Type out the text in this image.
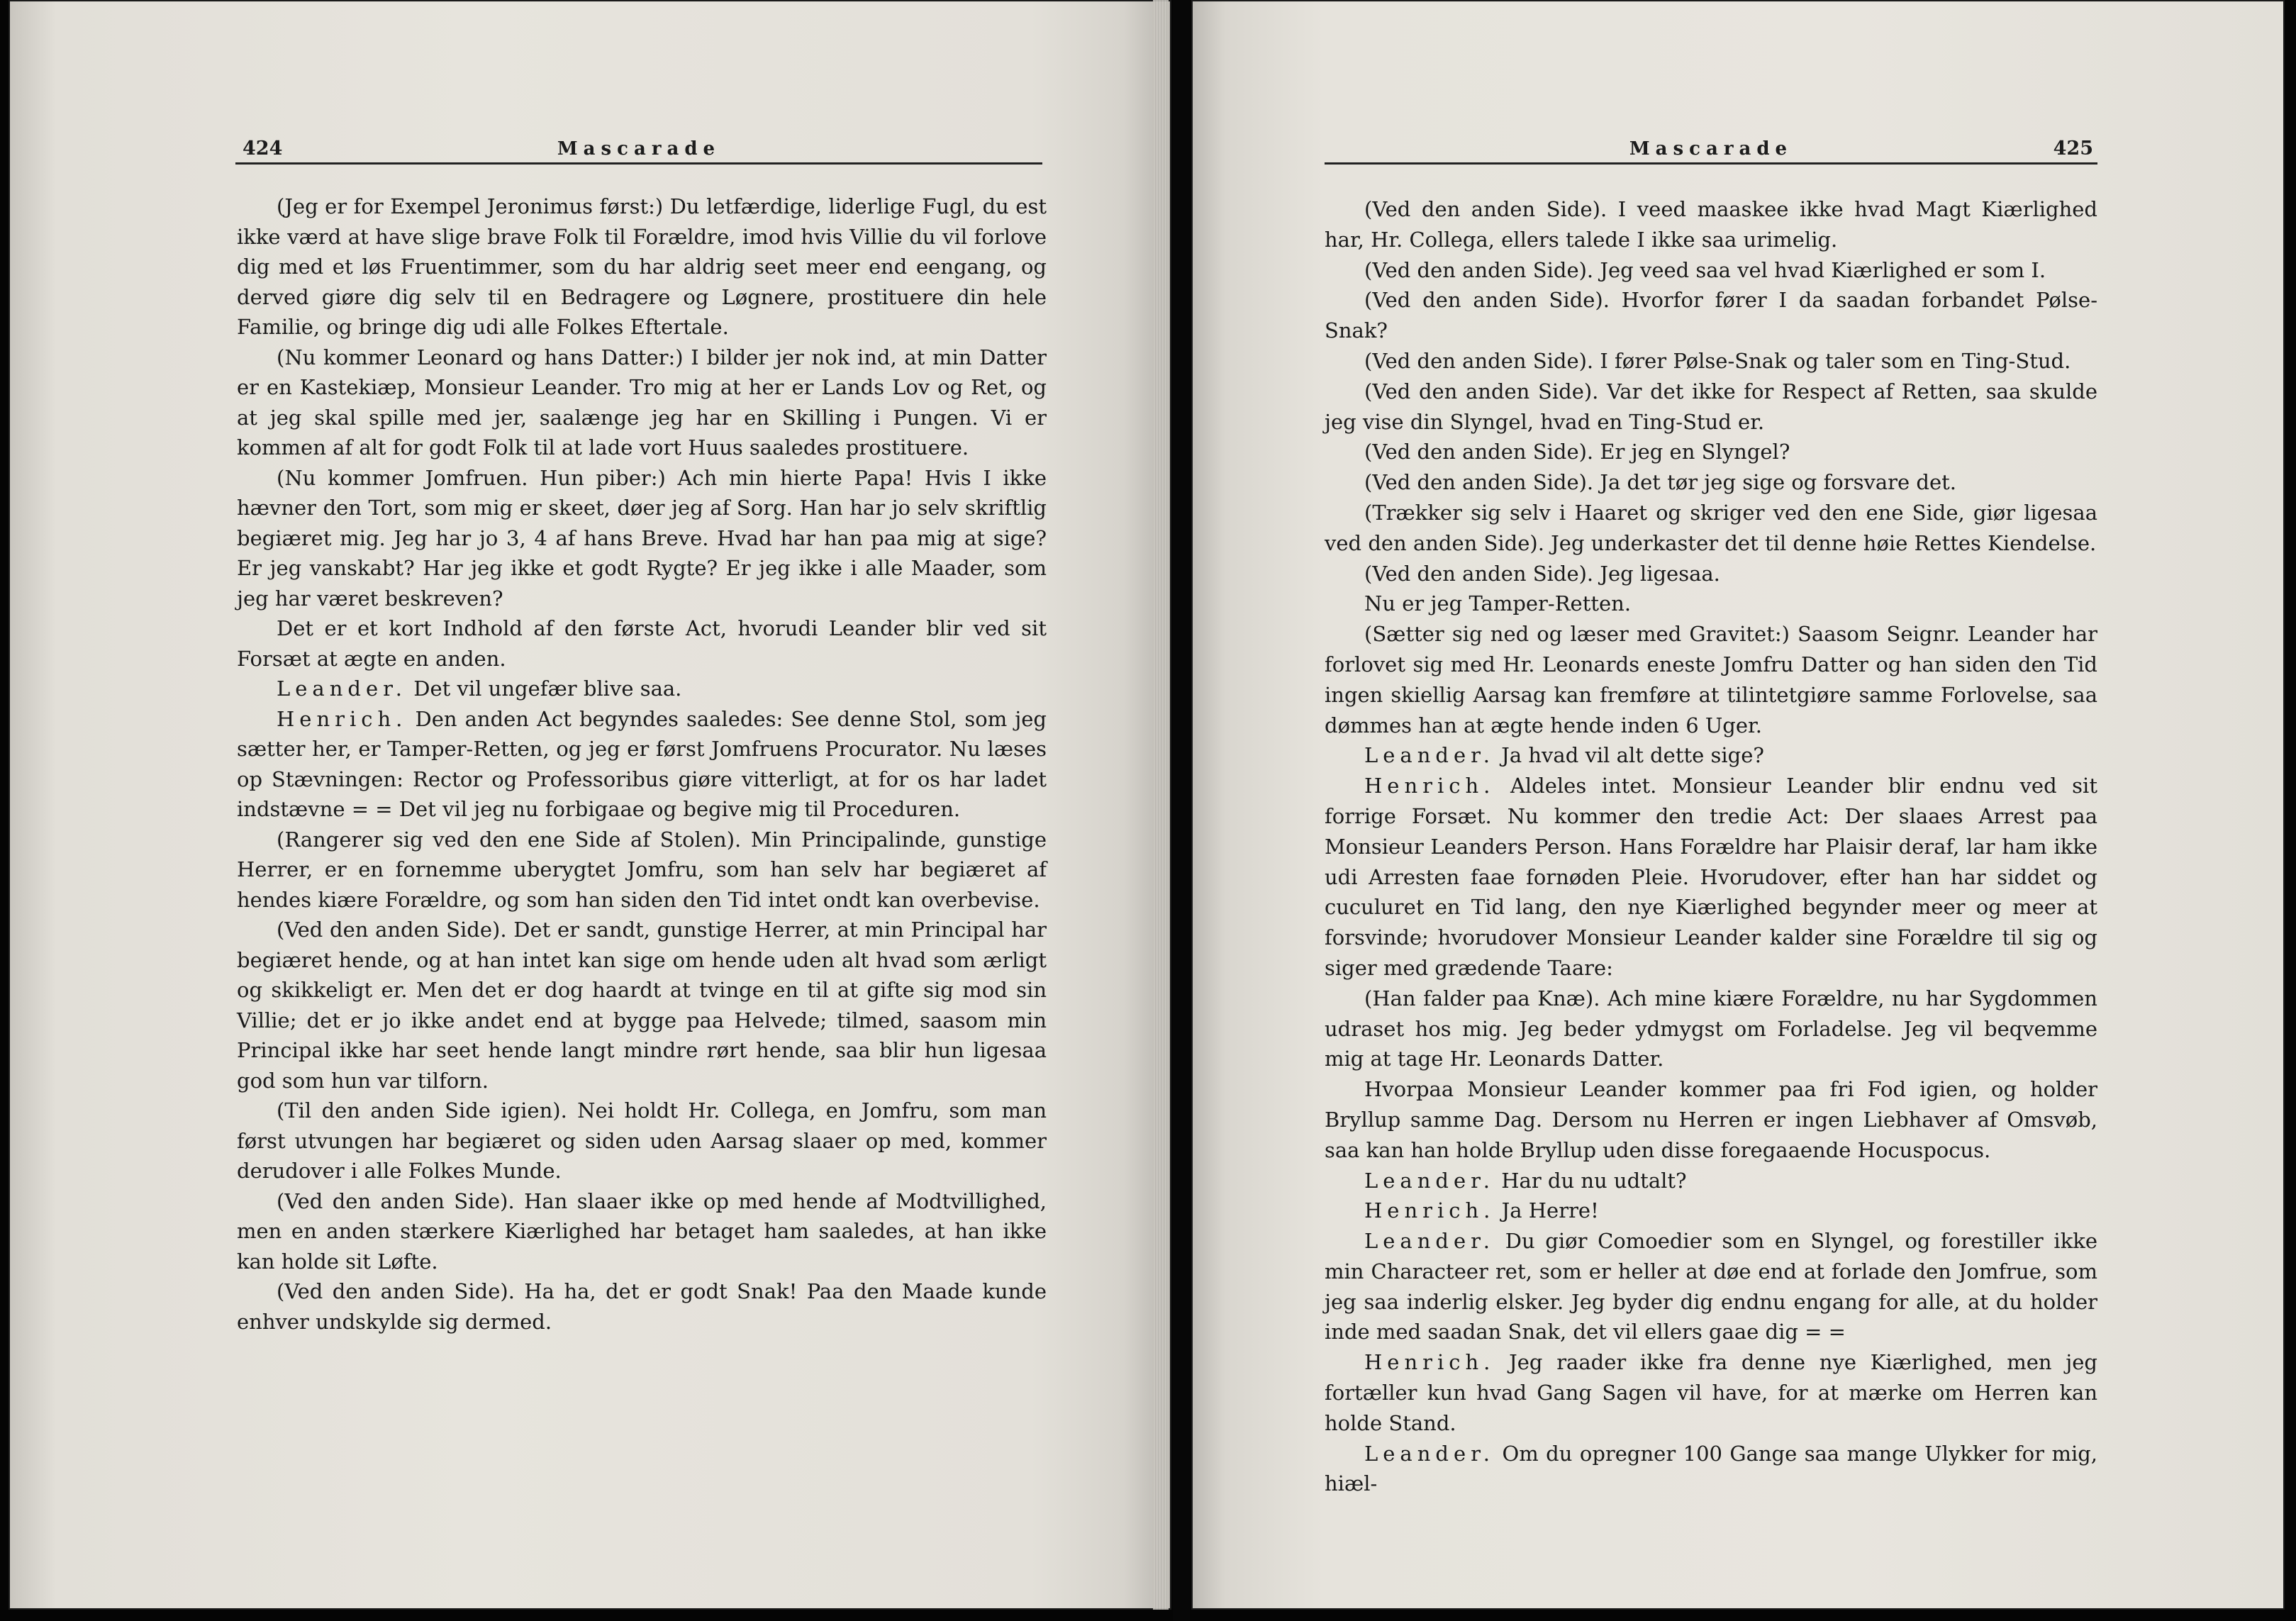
424	Mascarade

(Jeg er for Exempel Jeronimus først:) Du letfærdige, liderlige Fugl, du est ikke værd at have slige brave Folk til Forældre, imod hvis Villie du vil forlove dig med et løs Fruentimmer, som du har aldrig seet meer end eengang, og derved giøre dig selv til en Bedragere og Løgnere, prostituere din hele Familie, og bringe dig udi alle Folkes Eftertale.

(Nu kommer Leonard og hans Datter:) I bilder jer nok ind, at min Datter er en Kastekiæp, Monsieur Leander. Tro mig at her er Lands Lov og Ret, og at jeg skal spille med jer, saalænge jeg har en Skilling i Pungen. Vi er kommen af alt for godt Folk til at lade vort Huus saaledes prostituere.

(Nu kommer Jomfruen. Hun piber:) Ach min hierte Papa! Hvis I ikke hævner den Tort, som mig er skeet, døer jeg af Sorg. Han har jo selv skriftlig begiæret mig. Jeg har jo 3, 4 af hans Breve. Hvad har han paa mig at sige? Er jeg vanskabt? Har jeg ikke et godt Rygte? Er jeg ikke i alle Maader, som jeg har været beskreven?

Det er et kort Indhold af den første Act, hvorudi Leander blir ved sit Forsæt at ægte en anden.

Leander. Det vil ungefær blive saa.

Henrich. Den anden Act begyndes saaledes: See denne Stol, som jeg sætter her, er Tamper-Retten, og jeg er først Jomfruens Procurator. Nu læses op Stævningen: Rector og Professoribus giøre vitterligt, at for os har ladet indstævne = = Det vil jeg nu forbigaae og begive mig til Proceduren.

(Rangerer sig ved den ene Side af Stolen). Min Principalinde, gunstige Herrer, er en fornemme uberygtet Jomfru, som han selv har begiæret af hendes kiære Forældre, og som han siden den Tid intet ondt kan overbevise.

(Ved den anden Side). Det er sandt, gunstige Herrer, at min Principal har begiæret hende, og at han intet kan sige om hende uden alt hvad som ærligt og skikkeligt er. Men det er dog haardt at tvinge en til at gifte sig mod sin Villie; det er jo ikke andet end at bygge paa Helvede; tilmed, saasom min Principal ikke har seet hende langt mindre rørt hende, saa blir hun ligesaa god som hun var tilforn.

(Til den anden Side igien). Nei holdt Hr. Collega, en Jomfru, som man først utvungen har begiæret og siden uden Aarsag slaaer op med, kommer derudover i alle Folkes Munde.

(Ved den anden Side). Han slaaer ikke op med hende af Modtvillighed, men en anden stærkere Kiærlighed har betaget ham saaledes, at han ikke kan holde sit Løfte.

(Ved den anden Side). Ha ha, det er godt Snak! Paa den Maade kunde enhver undskylde sig dermed.

Mascarade	425

(Ved den anden Side). I veed maaskee ikke hvad Magt Kiærlighed har, Hr. Collega, ellers talede I ikke saa urimelig.

(Ved den anden Side). Jeg veed saa vel hvad Kiærlighed er som I.

(Ved den anden Side). Hvorfor fører I da saadan forbandet Pølse-Snak?

(Ved den anden Side). I fører Pølse-Snak og taler som en Ting-Stud.

(Ved den anden Side). Var det ikke for Respect af Retten, saa skulde jeg vise din Slyngel, hvad en Ting-Stud er.

(Ved den anden Side). Er jeg en Slyngel?

(Ved den anden Side). Ja det tør jeg sige og forsvare det.

(Trækker sig selv i Haaret og skriger ved den ene Side, giør ligesaa ved den anden Side). Jeg underkaster det til denne høie Rettes Kiendelse.

(Ved den anden Side). Jeg ligesaa.

Nu er jeg Tamper-Retten.

(Sætter sig ned og læser med Gravitet:) Saasom Seignr. Leander har forlovet sig med Hr. Leonards eneste Jomfru Datter og han siden den Tid ingen skiellig Aarsag kan fremføre at tilintetgiøre samme Forlovelse, saa dømmes han at ægte hende inden 6 Uger.

Leander. Ja hvad vil alt dette sige?

Henrich. Aldeles intet. Monsieur Leander blir endnu ved sit forrige Forsæt. Nu kommer den tredie Act: Der slaaes Arrest paa Monsieur Leanders Person. Hans Forældre har Plaisir deraf, lar ham ikke udi Arresten faae fornøden Pleie. Hvorudover, efter han har siddet og cuculuret en Tid lang, den nye Kiærlighed begynder meer og meer at forsvinde; hvorudover Monsieur Leander kalder sine Forældre til sig og siger med grædende Taare:

(Han falder paa Knæ). Ach mine kiære Forældre, nu har Sygdommen udraset hos mig. Jeg beder ydmygst om Forladelse. Jeg vil beqvemme mig at tage Hr. Leonards Datter.

Hvorpaa Monsieur Leander kommer paa fri Fod igien, og holder Bryllup samme Dag. Dersom nu Herren er ingen Liebhaver af Omsvøb, saa kan han holde Bryllup uden disse foregaaende Hocuspocus.

Leander. Har du nu udtalt?

Henrich. Ja Herre!

Leander. Du giør Comoedier som en Slyngel, og forestiller ikke min Characteer ret, som er heller at døe end at forlade den Jomfrue, som jeg saa inderlig elsker. Jeg byder dig endnu engang for alle, at du holder inde med saadan Snak, det vil ellers gaae dig = =

Henrich. Jeg raader ikke fra denne nye Kiærlighed, men jeg fortæller kun hvad Gang Sagen vil have, for at mærke om Herren kan holde Stand.

Leander. Om du opregner 100 Gange saa mange Ulykker for mig, hiæl-
